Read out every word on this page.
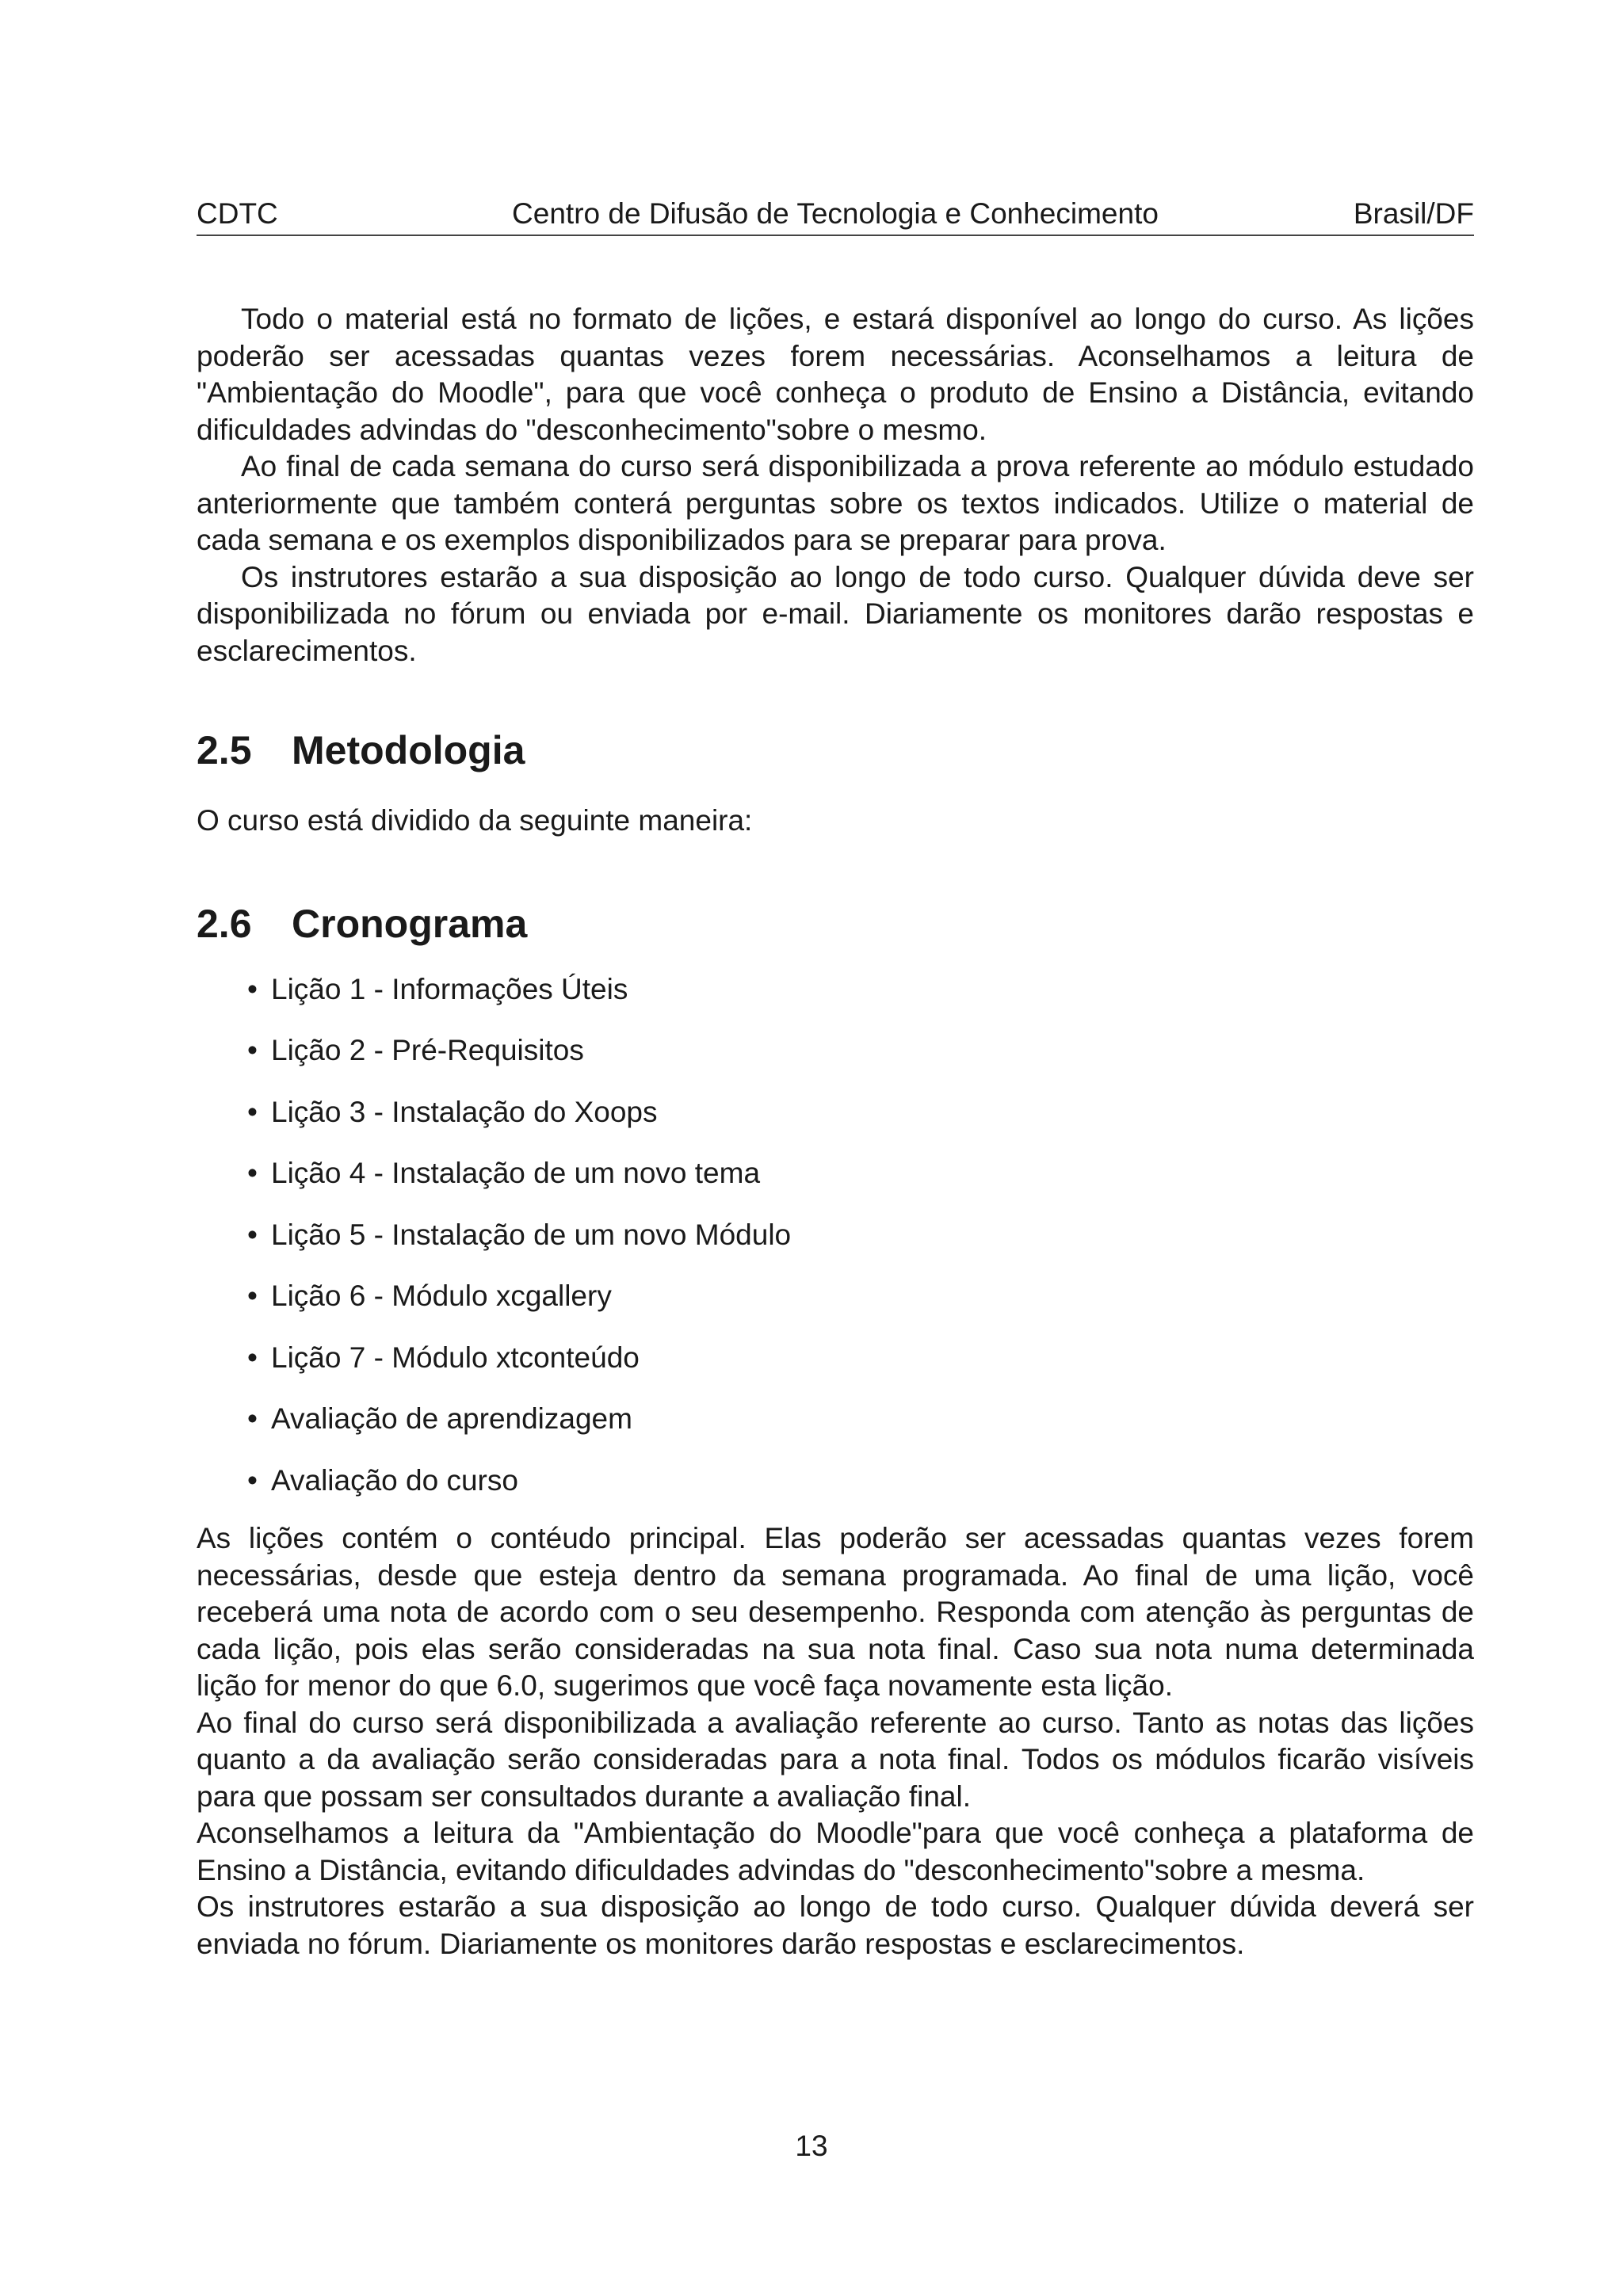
CDTC	Centro de Difusão de Tecnologia e Conhecimento	Brasil/DF

Todo o material está no formato de lições, e estará disponível ao longo do curso. As lições poderão ser acessadas quantas vezes forem necessárias. Aconselhamos a leitura de "Ambientação do Moodle", para que você conheça o produto de Ensino a Distância, evitando dificuldades advindas do "desconhecimento"sobre o mesmo.

Ao final de cada semana do curso será disponibilizada a prova referente ao módulo estudado anteriormente que também conterá perguntas sobre os textos indicados. Utilize o material de cada semana e os exemplos disponibilizados para se preparar para prova.

Os instrutores estarão a sua disposição ao longo de todo curso. Qualquer dúvida deve ser disponibilizada no fórum ou enviada por e-mail. Diariamente os monitores darão respostas e esclarecimentos.

2.5 Metodologia

O curso está dividido da seguinte maneira:

2.6 Cronograma
• Lição 1 - Informações Úteis
• Lição 2 - Pré-Requisitos
• Lição 3 - Instalação do Xoops
• Lição 4 - Instalação de um novo tema
• Lição 5 - Instalação de um novo Módulo
• Lição 6 - Módulo xcgallery
• Lição 7 - Módulo xtconteúdo
• Avaliação de aprendizagem
• Avaliação do curso

As lições contém o contéudo principal. Elas poderão ser acessadas quantas vezes forem necessárias, desde que esteja dentro da semana programada. Ao final de uma lição, você receberá uma nota de acordo com o seu desempenho. Responda com atenção às perguntas de cada lição, pois elas serão consideradas na sua nota final. Caso sua nota numa determinada lição for menor do que 6.0, sugerimos que você faça novamente esta lição.

Ao final do curso será disponibilizada a avaliação referente ao curso. Tanto as notas das lições quanto a da avaliação serão consideradas para a nota final. Todos os módulos ficarão visíveis para que possam ser consultados durante a avaliação final.

Aconselhamos a leitura da "Ambientação do Moodle"para que você conheça a plataforma de Ensino a Distância, evitando dificuldades advindas do "desconhecimento"sobre a mesma.

Os instrutores estarão a sua disposição ao longo de todo curso. Qualquer dúvida deverá ser enviada no fórum. Diariamente os monitores darão respostas e esclarecimentos.

13
